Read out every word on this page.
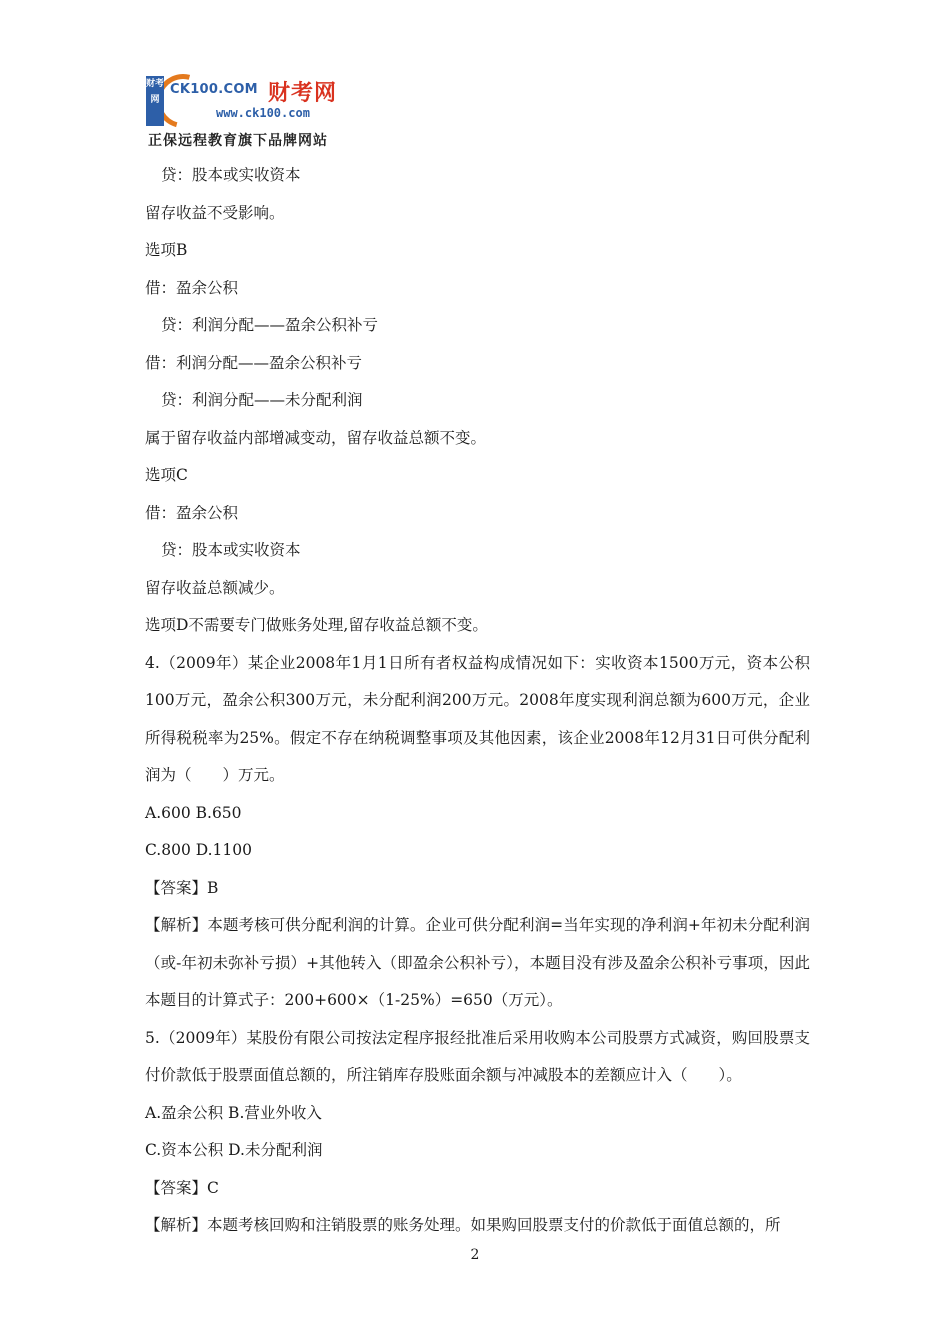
财考网
CK100.COM 财考网
www.ck100.com
正保远程教育旗下品牌网站

贷：股本或实收资本

留存收益不受影响。

选项B

借：盈余公积

贷：利润分配——盈余公积补亏

借：利润分配——盈余公积补亏

贷：利润分配——未分配利润

属于留存收益内部增减变动，留存收益总额不变。

选项C

借：盈余公积

贷：股本或实收资本

留存收益总额减少。

选项D不需要专门做账务处理,留存收益总额不变。

4.（2009年）某企业2008年1月1日所有者权益构成情况如下：实收资本1500万元，资本公积100万元，盈余公积300万元，未分配利润200万元。2008年度实现利润总额为600万元，企业所得税税率为25%。假定不存在纳税调整事项及其他因素，该企业2008年12月31日可供分配利润为（　　）万元。

A.600 B.650

C.800 D.1100

【答案】B

【解析】本题考核可供分配利润的计算。企业可供分配利润=当年实现的净利润+年初未分配利润（或-年初未弥补亏损）+其他转入（即盈余公积补亏），本题目没有涉及盈余公积补亏事项，因此本题目的计算式子：200+600×（1-25%）=650（万元）。

5.（2009年）某股份有限公司按法定程序报经批准后采用收购本公司股票方式减资，购回股票支付价款低于股票面值总额的，所注销库存股账面余额与冲减股本的差额应计入（　　）。

A.盈余公积 B.营业外收入

C.资本公积 D.未分配利润

【答案】C

【解析】本题考核回购和注销股票的账务处理。如果购回股票支付的价款低于面值总额的，所

2
